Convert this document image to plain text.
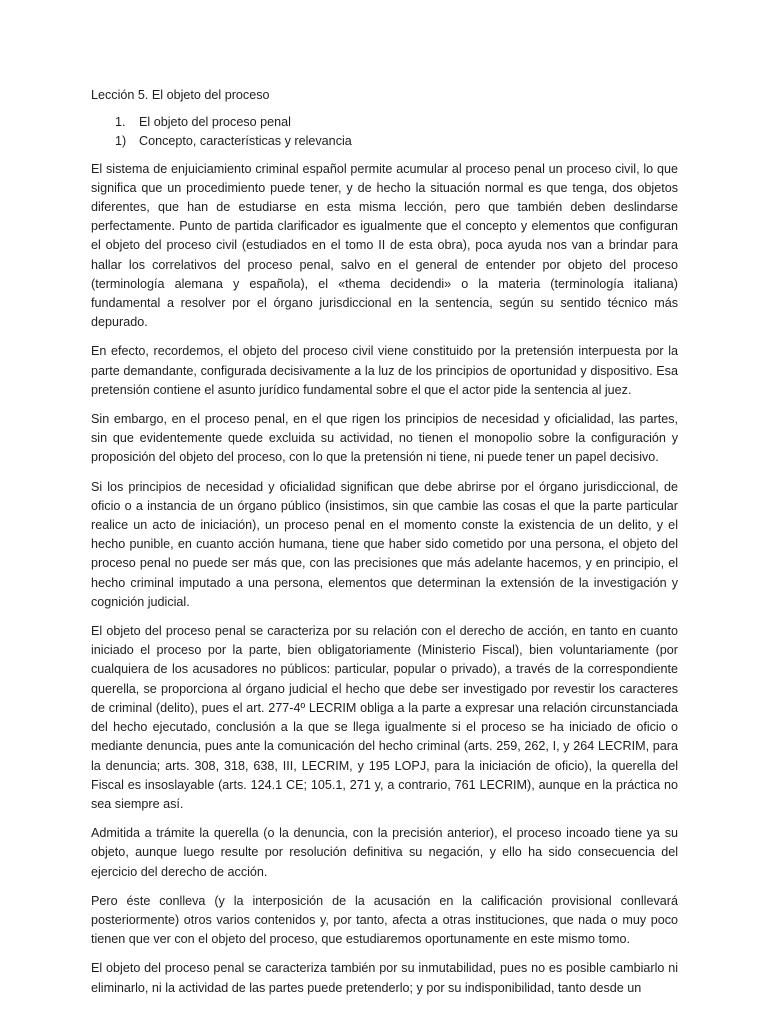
Lección 5. El objeto del proceso
1.	El objeto del proceso penal
1)	Concepto, características y relevancia

El sistema de enjuiciamiento criminal español permite acumular al proceso penal un proceso civil, lo que significa que un procedimiento puede tener, y de hecho la situación normal es que tenga, dos objetos diferentes, que han de estudiarse en esta misma lección, pero que también deben deslindarse perfectamente. Punto de partida clarificador es igualmente que el concepto y elementos que configuran el objeto del proceso civil (estudiados en el tomo II de esta obra), poca ayuda nos van a brindar para hallar los correlativos del proceso penal, salvo en el general de entender por objeto del proceso (terminología alemana y española), el «thema decidendi» o la materia (terminología italiana) fundamental a resolver por el órgano jurisdiccional en la sentencia, según su sentido técnico más depurado.

En efecto, recordemos, el objeto del proceso civil viene constituido por la pretensión interpuesta por la parte demandante, configurada decisivamente a la luz de los principios de oportunidad y dispositivo. Esa pretensión contiene el asunto jurídico fundamental sobre el que el actor pide la sentencia al juez.

Sin embargo, en el proceso penal, en el que rigen los principios de necesidad y oficialidad, las partes, sin que evidentemente quede excluida su actividad, no tienen el monopolio sobre la configuración y proposición del objeto del proceso, con lo que la pretensión ni tiene, ni puede tener un papel decisivo.

Si los principios de necesidad y oficialidad significan que debe abrirse por el órgano jurisdiccional, de oficio o a instancia de un órgano público (insistimos, sin que cambie las cosas el que la parte particular realice un acto de iniciación), un proceso penal en el momento conste la existencia de un delito, y el hecho punible, en cuanto acción humana, tiene que haber sido cometido por una persona, el objeto del proceso penal no puede ser más que, con las precisiones que más adelante hacemos, y en principio, el hecho criminal imputado a una persona, elementos que determinan la extensión de la investigación y cognición judicial.

El objeto del proceso penal se caracteriza por su relación con el derecho de acción, en tanto en cuanto iniciado el proceso por la parte, bien obligatoriamente (Ministerio Fiscal), bien voluntariamente (por cualquiera de los acusadores no públicos: particular, popular o privado), a través de la correspondiente querella, se proporciona al órgano judicial el hecho que debe ser investigado por revestir los caracteres de criminal (delito), pues el art. 277-4º LECRIM obliga a la parte a expresar una relación circunstanciada del hecho ejecutado, conclusión a la que se llega igualmente si el proceso se ha iniciado de oficio o mediante denuncia, pues ante la comunicación del hecho criminal (arts. 259, 262, I, y 264 LECRIM, para la denuncia; arts. 308, 318, 638, III, LECRIM, y 195 LOPJ, para la iniciación de oficio), la querella del Fiscal es insoslayable (arts. 124.1 CE; 105.1, 271 y, a contrario, 761 LECRIM), aunque en la práctica no sea siempre así.

Admitida a trámite la querella (o la denuncia, con la precisión anterior), el proceso incoado tiene ya su objeto, aunque luego resulte por resolución definitiva su negación, y ello ha sido consecuencia del ejercicio del derecho de acción.

Pero éste conlleva (y la interposición de la acusación en la calificación provisional conllevará posteriormente) otros varios contenidos y, por tanto, afecta a otras instituciones, que nada o muy poco tienen que ver con el objeto del proceso, que estudiaremos oportunamente en este mismo tomo.

El objeto del proceso penal se caracteriza también por su inmutabilidad, pues no es posible cambiarlo ni eliminarlo, ni la actividad de las partes puede pretenderlo; y por su indisponibilidad, tanto desde un
